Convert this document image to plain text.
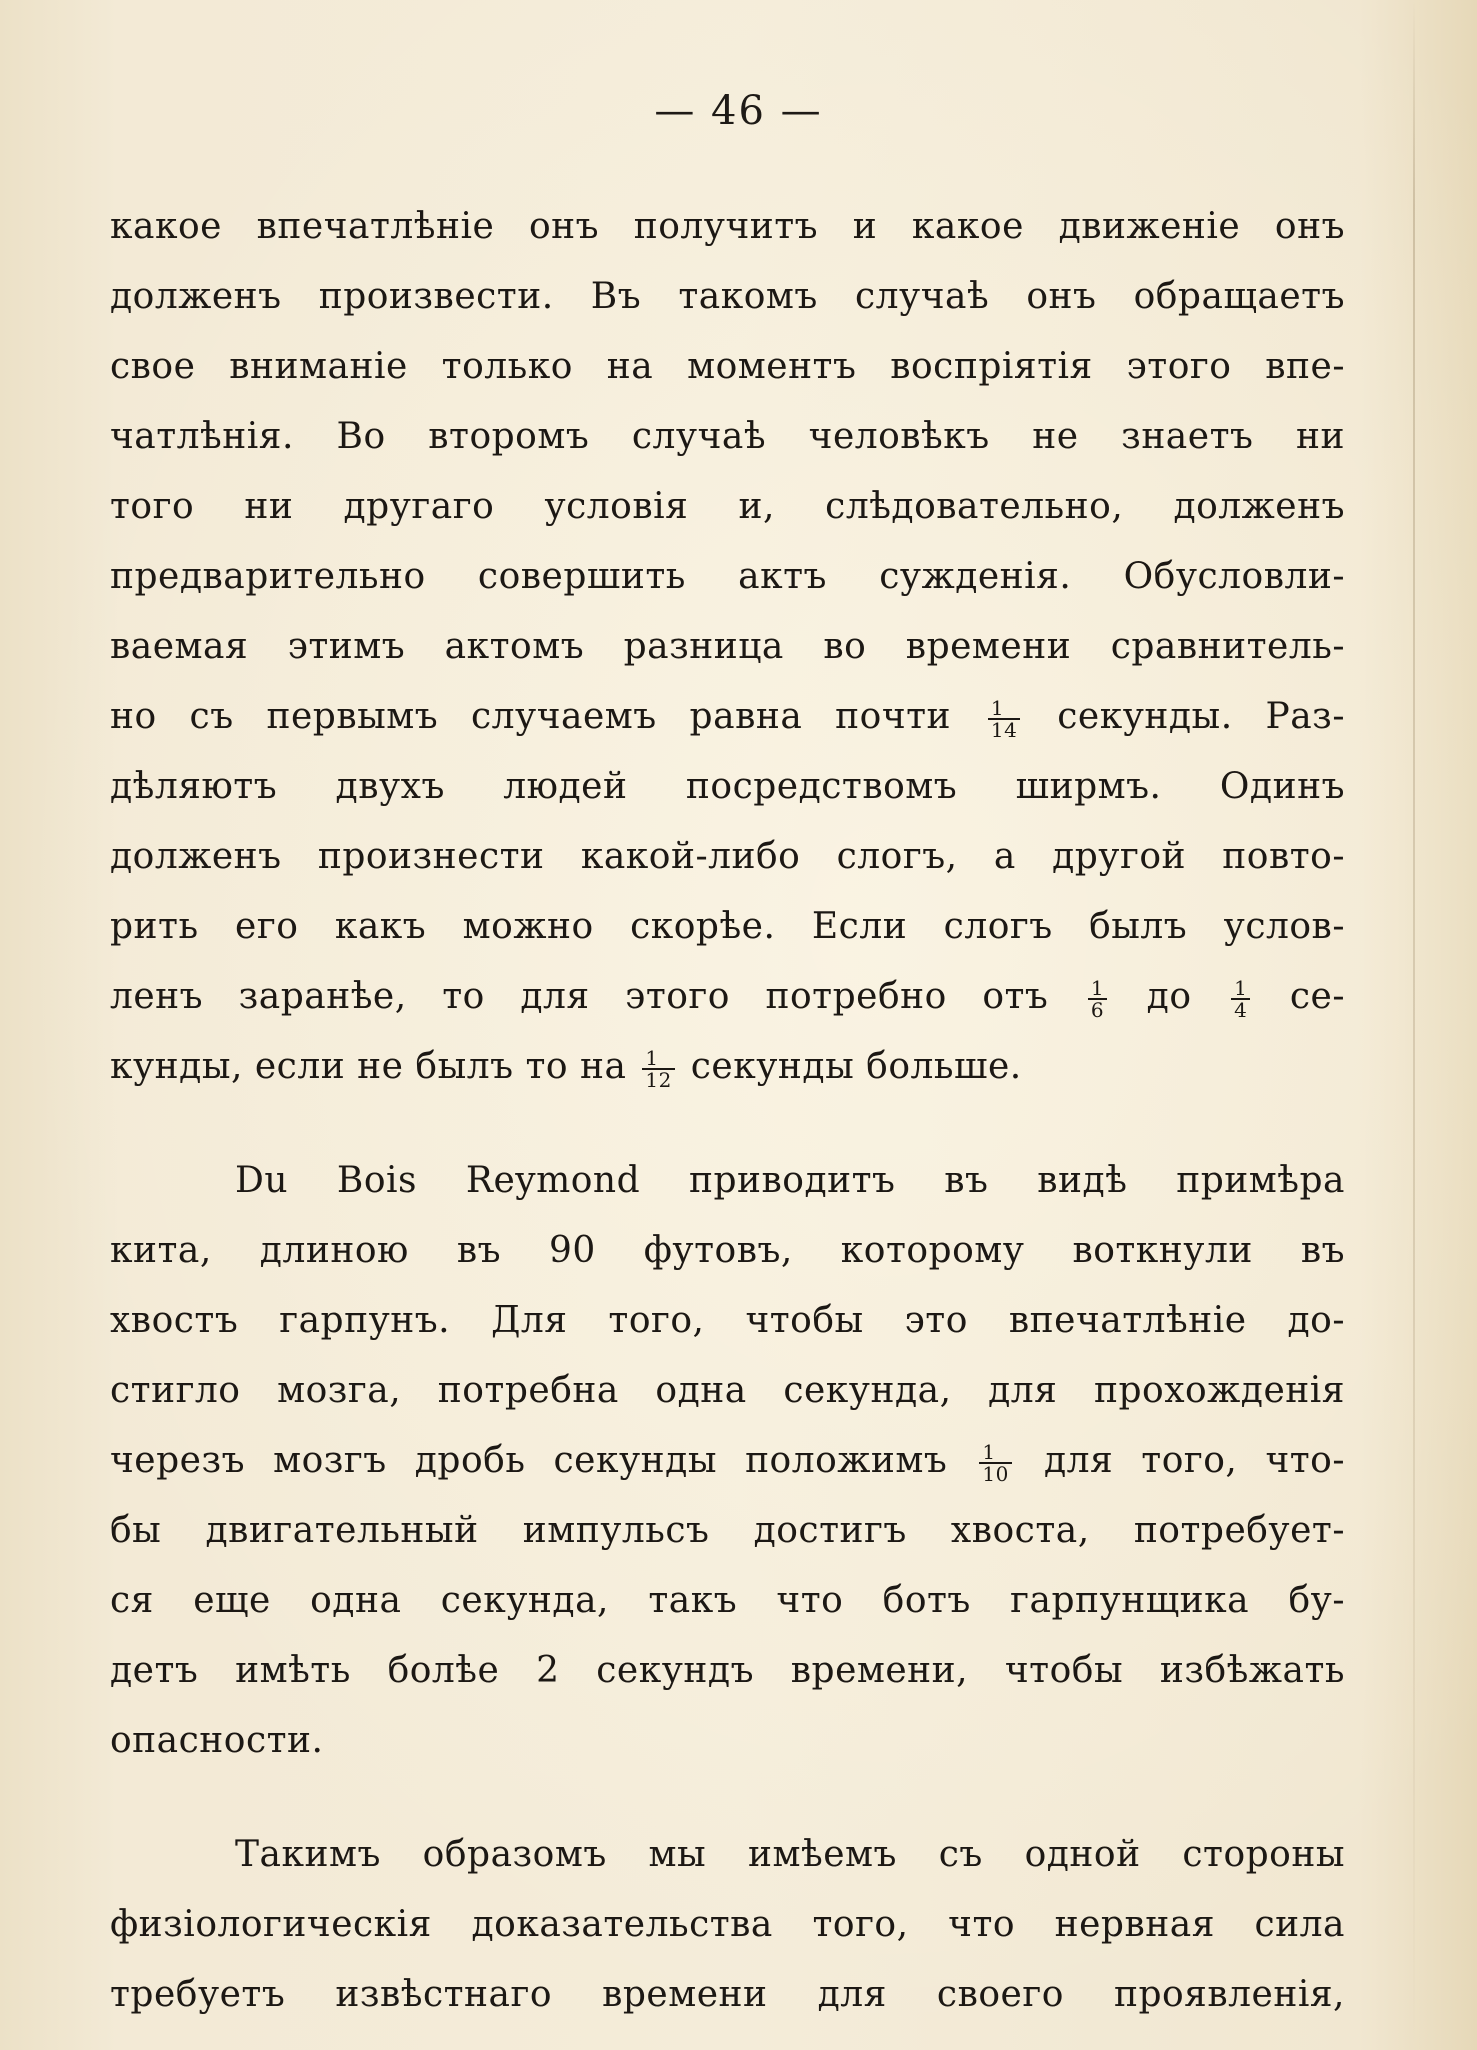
— 46 —
какое впечатлѣніе онъ получитъ и какое движеніе онъ
долженъ произвести. Въ такомъ случаѣ онъ обращаетъ
свое вниманіе только на моментъ воспріятія этого впе-
чатлѣнія. Во второмъ случаѣ человѣкъ не знаетъ ни
того ни другаго условія и, слѣдовательно, долженъ
предварительно совершить актъ сужденія. Обусловли-
ваемая этимъ актомъ разница во времени сравнитель-
но съ первымъ случаемъ равна почти $\frac{1}{14}$ секунды. Раз-
дѣляютъ двухъ людей посредствомъ ширмъ. Одинъ
долженъ произнести какой-либо слогъ, а другой повто-
рить его какъ можно скорѣе. Если слогъ былъ услов-
ленъ заранѣе, то для этого потребно отъ $\frac{1}{6}$ до $\frac{1}{4} се-$
кунды, если не былъ то на $\frac{1}{12}$ секунды больше.
Du Bois Reymond приводитъ въ видѣ примѣра
кита, длиною въ 90 футовъ, которому воткнули въ
хвостъ гарпунъ. Для того, чтобы это впечатлѣніе до-
стигло мозга, потребна одна секунда, для прохожденія
черезъ мозгъ дробь секунды положимъ $\frac{1}{10}$ для того, что-
бы двигательный импульсъ достигъ хвоста, потребует-
ся еще одна секунда, такъ что ботъ гарпунщика бу-
детъ имѣть болѣе 2 секундъ времени, чтобы избѣжать
опасности.
Такимъ образомъ мы имѣемъ съ одной стороны
физіологическія доказательства того, что нервная сила
требуетъ извѣстнаго времени для своего проявленія,
